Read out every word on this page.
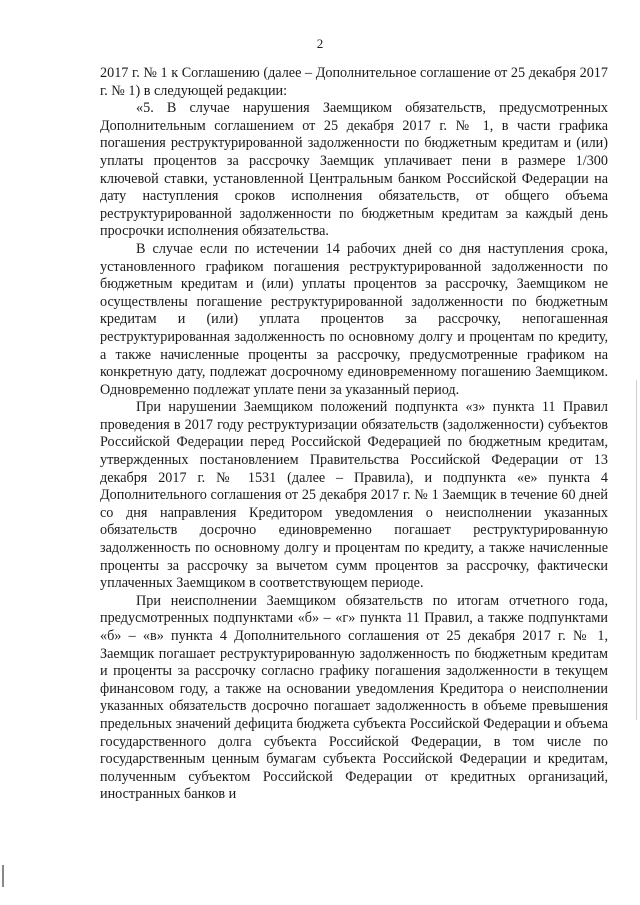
2

2017 г. № 1 к Соглашению (далее – Дополнительное соглашение от 25 декабря 2017 г. № 1) в следующей редакции:

«5. В случае нарушения Заемщиком обязательств, предусмотренных Дополнительным соглашением от 25 декабря 2017 г. № 1, в части графика погашения реструктурированной задолженности по бюджетным кредитам и (или) уплаты процентов за рассрочку Заемщик уплачивает пени в размере 1/300 ключевой ставки, установленной Центральным банком Российской Федерации на дату наступления сроков исполнения обязательств, от общего объема реструктурированной задолженности по бюджетным кредитам за каждый день просрочки исполнения обязательства.

В случае если по истечении 14 рабочих дней со дня наступления срока, установленного графиком погашения реструктурированной задолженности по бюджетным кредитам и (или) уплаты процентов за рассрочку, Заемщиком не осуществлены погашение реструктурированной задолженности по бюджетным кредитам и (или) уплата процентов за рассрочку, непогашенная реструктурированная задолженность по основному долгу и процентам по кредиту, а также начисленные проценты за рассрочку, предусмотренные графиком на конкретную дату, подлежат досрочному единовременному погашению Заемщиком. Одновременно подлежат уплате пени за указанный период.

При нарушении Заемщиком положений подпункта «з» пункта 11 Правил проведения в 2017 году реструктуризации обязательств (задолженности) субъектов Российской Федерации перед Российской Федерацией по бюджетным кредитам, утвержденных постановлением Правительства Российской Федерации от 13 декабря 2017 г. № 1531 (далее – Правила), и подпункта «е» пункта 4 Дополнительного соглашения от 25 декабря 2017 г. № 1 Заемщик в течение 60 дней со дня направления Кредитором уведомления о неисполнении указанных обязательств досрочно единовременно погашает реструктурированную задолженность по основному долгу и процентам по кредиту, а также начисленные проценты за рассрочку за вычетом сумм процентов за рассрочку, фактически уплаченных Заемщиком в соответствующем периоде.

При неисполнении Заемщиком обязательств по итогам отчетного года, предусмотренных подпунктами «б» – «г» пункта 11 Правил, а также подпунктами «б» – «в» пункта 4 Дополнительного соглашения от 25 декабря 2017 г. № 1, Заемщик погашает реструктурированную задолженность по бюджетным кредитам и проценты за рассрочку согласно графику погашения задолженности в текущем финансовом году, а также на основании уведомления Кредитора о неисполнении указанных обязательств досрочно погашает задолженность в объеме превышения предельных значений дефицита бюджета субъекта Российской Федерации и объема государственного долга субъекта Российской Федерации, в том числе по государственным ценным бумагам субъекта Российской Федерации и кредитам, полученным субъектом Российской Федерации от кредитных организаций, иностранных банков и
